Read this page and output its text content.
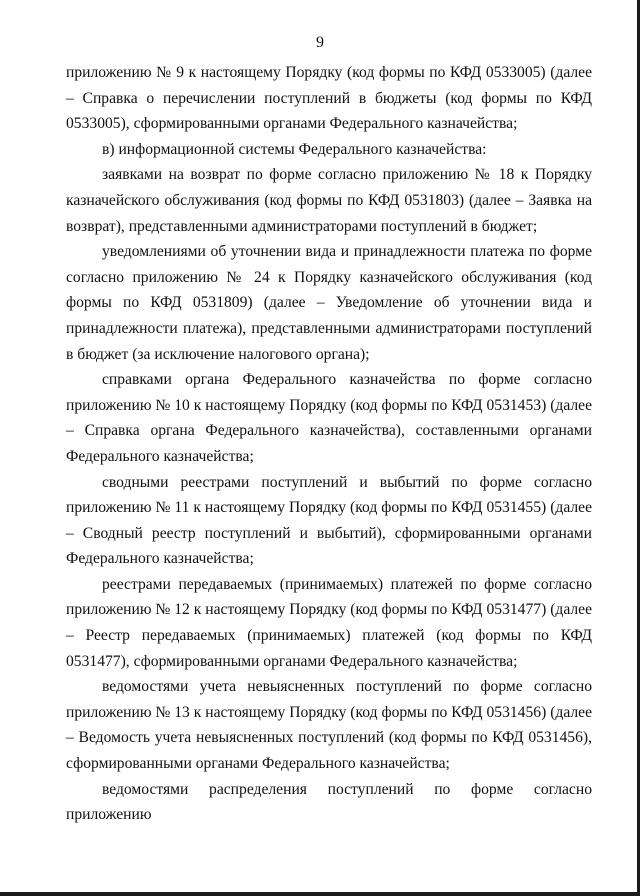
9

приложению № 9 к настоящему Порядку (код формы по КФД 0533005) (далее – Справка о перечислении поступлений в бюджеты (код формы по КФД 0533005), сформированными органами Федерального казначейства;

в) информационной системы Федерального казначейства:

заявками на возврат по форме согласно приложению № 18 к Порядку казначейского обслуживания (код формы по КФД 0531803) (далее – Заявка на возврат), представленными администраторами поступлений в бюджет;

уведомлениями об уточнении вида и принадлежности платежа по форме согласно приложению № 24 к Порядку казначейского обслуживания (код формы по КФД 0531809) (далее – Уведомление об уточнении вида и принадлежности платежа), представленными администраторами поступлений в бюджет (за исключение налогового органа);

справками органа Федерального казначейства по форме согласно приложению № 10 к настоящему Порядку (код формы по КФД 0531453) (далее – Справка органа Федерального казначейства), составленными органами Федерального казначейства;

сводными реестрами поступлений и выбытий по форме согласно приложению № 11 к настоящему Порядку (код формы по КФД 0531455) (далее – Сводный реестр поступлений и выбытий), сформированными органами Федерального казначейства;

реестрами передаваемых (принимаемых) платежей по форме согласно приложению № 12 к настоящему Порядку (код формы по КФД 0531477) (далее – Реестр передаваемых (принимаемых) платежей (код формы по КФД 0531477), сформированными органами Федерального казначейства;

ведомостями учета невыясненных поступлений по форме согласно приложению № 13 к настоящему Порядку (код формы по КФД 0531456) (далее – Ведомость учета невыясненных поступлений (код формы по КФД 0531456), сформированными органами Федерального казначейства;

ведомостями распределения поступлений по форме согласно приложению
